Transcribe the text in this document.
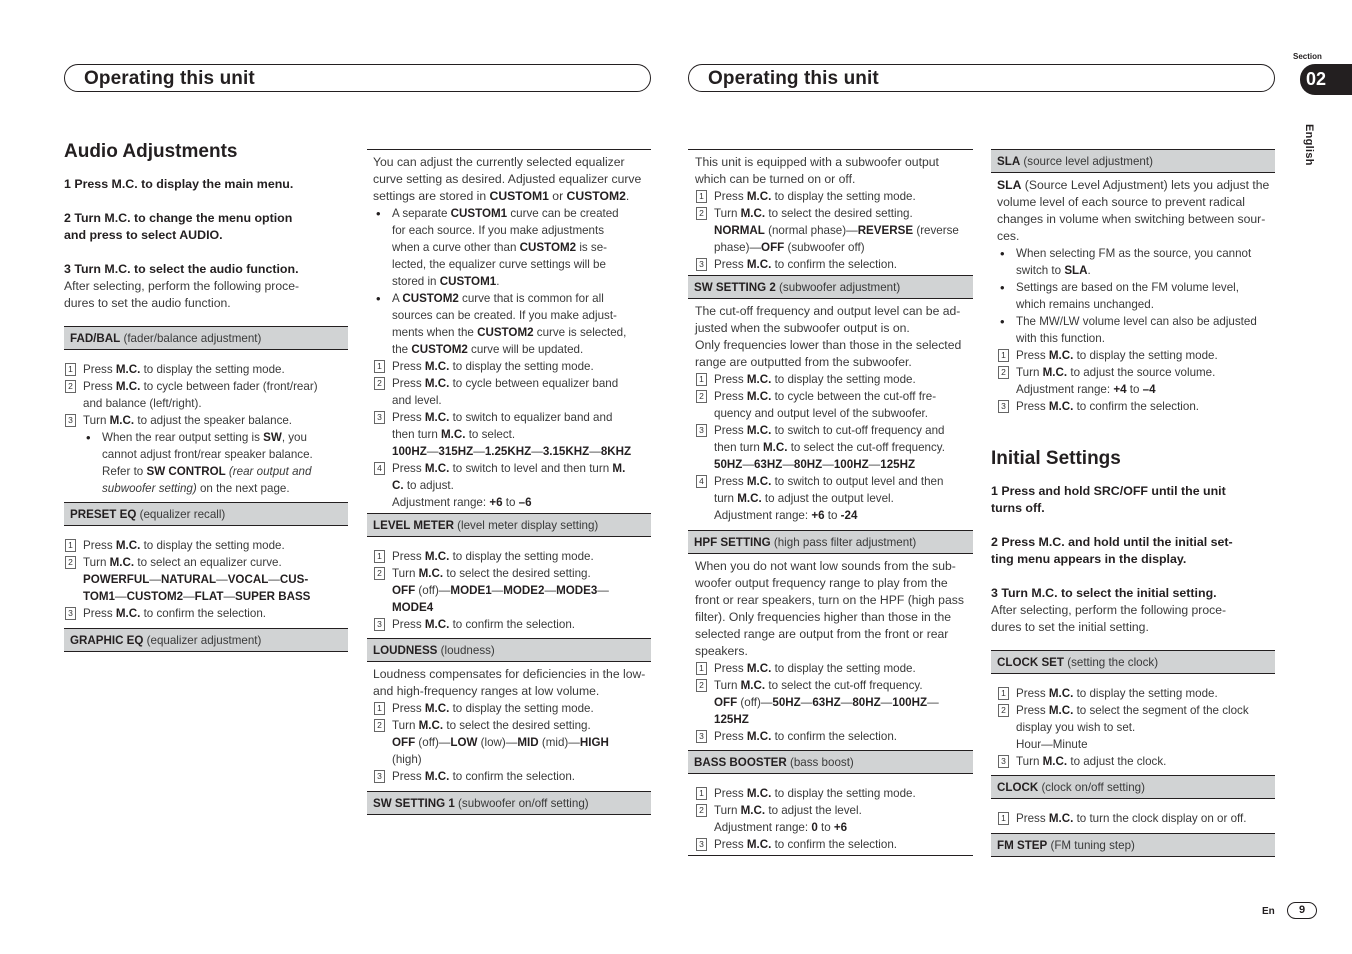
Operating this unit	Operating this unit
Section
02
English
Audio Adjustments
1 Press M.C. to display the main menu.
2 Turn M.C. to change the menu option
and press to select AUDIO.
3 Turn M.C. to select the audio function.
After selecting, perform the following proce-
dures to set the audio function.
FAD/BAL (fader/balance adjustment)
1 Press M.C. to display the setting mode.
2 Press M.C. to cycle between fader (front/rear)
and balance (left/right).
3 Turn M.C. to adjust the speaker balance.
• When the rear output setting is SW, you
cannot adjust front/rear speaker balance.
Refer to SW CONTROL (rear output and
subwoofer setting) on the next page.
PRESET EQ (equalizer recall)
1 Press M.C. to display the setting mode.
2 Turn M.C. to select an equalizer curve.
POWERFUL—NATURAL—VOCAL—CUS-
TOM1—CUSTOM2—FLAT—SUPER BASS
3 Press M.C. to confirm the selection.
GRAPHIC EQ (equalizer adjustment)
You can adjust the currently selected equalizer
curve setting as desired. Adjusted equalizer curve
settings are stored in CUSTOM1 or CUSTOM2.
• A separate CUSTOM1 curve can be created
for each source. If you make adjustments
when a curve other than CUSTOM2 is se-
lected, the equalizer curve settings will be
stored in CUSTOM1.
• A CUSTOM2 curve that is common for all
sources can be created. If you make adjust-
ments when the CUSTOM2 curve is selected,
the CUSTOM2 curve will be updated.
1 Press M.C. to display the setting mode.
2 Press M.C. to cycle between equalizer band
and level.
3 Press M.C. to switch to equalizer band and
then turn M.C. to select.
100HZ—315HZ—1.25KHZ—3.15KHZ—8KHZ
4 Press M.C. to switch to level and then turn M.
C. to adjust.
Adjustment range: +6 to –6
LEVEL METER (level meter display setting)
1 Press M.C. to display the setting mode.
2 Turn M.C. to select the desired setting.
OFF (off)—MODE1—MODE2—MODE3—
MODE4
3 Press M.C. to confirm the selection.
LOUDNESS (loudness)
Loudness compensates for deficiencies in the low-
and high-frequency ranges at low volume.
1 Press M.C. to display the setting mode.
2 Turn M.C. to select the desired setting.
OFF (off)—LOW (low)—MID (mid)—HIGH
(high)
3 Press M.C. to confirm the selection.
SW SETTING 1 (subwoofer on/off setting)
This unit is equipped with a subwoofer output
which can be turned on or off.
1 Press M.C. to display the setting mode.
2 Turn M.C. to select the desired setting.
NORMAL (normal phase)—REVERSE (reverse
phase)—OFF (subwoofer off)
3 Press M.C. to confirm the selection.
SW SETTING 2 (subwoofer adjustment)
The cut-off frequency and output level can be ad-
justed when the subwoofer output is on.
Only frequencies lower than those in the selected
range are outputted from the subwoofer.
1 Press M.C. to display the setting mode.
2 Press M.C. to cycle between the cut-off fre-
quency and output level of the subwoofer.
3 Press M.C. to switch to cut-off frequency and
then turn M.C. to select the cut-off frequency.
50HZ—63HZ—80HZ—100HZ—125HZ
4 Press M.C. to switch to output level and then
turn M.C. to adjust the output level.
Adjustment range: +6 to -24
HPF SETTING (high pass filter adjustment)
When you do not want low sounds from the sub-
woofer output frequency range to play from the
front or rear speakers, turn on the HPF (high pass
filter). Only frequencies higher than those in the
selected range are output from the front or rear
speakers.
1 Press M.C. to display the setting mode.
2 Turn M.C. to select the cut-off frequency.
OFF (off)—50HZ—63HZ—80HZ—100HZ—
125HZ
3 Press M.C. to confirm the selection.
BASS BOOSTER (bass boost)
1 Press M.C. to display the setting mode.
2 Turn M.C. to adjust the level.
Adjustment range: 0 to +6
3 Press M.C. to confirm the selection.
SLA (source level adjustment)
SLA (Source Level Adjustment) lets you adjust the
volume level of each source to prevent radical
changes in volume when switching between sour-
ces.
• When selecting FM as the source, you cannot
switch to SLA.
• Settings are based on the FM volume level,
which remains unchanged.
• The MW/LW volume level can also be adjusted
with this function.
1 Press M.C. to display the setting mode.
2 Turn M.C. to adjust the source volume.
Adjustment range: +4 to –4
3 Press M.C. to confirm the selection.
Initial Settings
1 Press and hold SRC/OFF until the unit
turns off.
2 Press M.C. and hold until the initial set-
ting menu appears in the display.
3 Turn M.C. to select the initial setting.
After selecting, perform the following proce-
dures to set the initial setting.
CLOCK SET (setting the clock)
1 Press M.C. to display the setting mode.
2 Press M.C. to select the segment of the clock
display you wish to set.
Hour—Minute
3 Turn M.C. to adjust the clock.
CLOCK (clock on/off setting)
1 Press M.C. to turn the clock display on or off.
FM STEP (FM tuning step)
En	9
